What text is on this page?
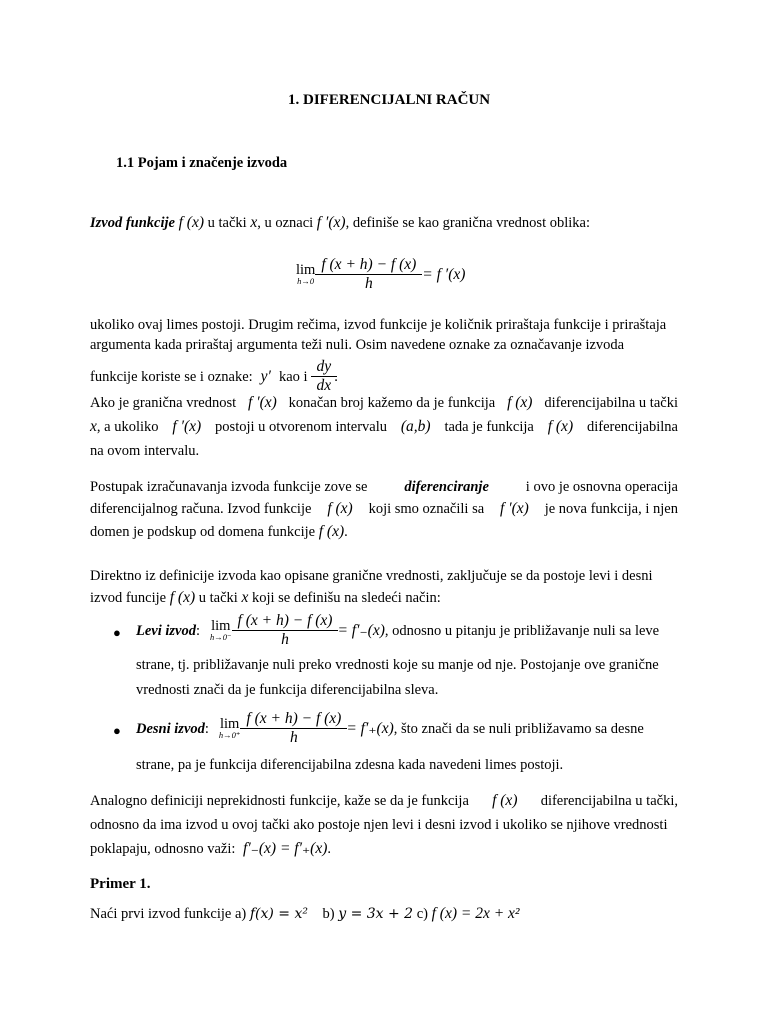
1. DIFERENCIJALNI RAČUN
1.1 Pojam i značenje izvoda
Izvod funkcije f (x) u tački x, u oznaci f ′(x), definiše se kao granična vrednost oblika:
lim
$h\to 0 \frac{f (x + h) - f (x)}{h} = f$ ′(x)
ukoliko ovaj limes postoji. Drugim rečima, izvod funkcije je količnik priraštaja funkcije i priraštaja
argumenta kada priraštaj argumenta teži nuli. Osim navedene oznake za označavanje izvoda
funkcije koriste se i oznake: y′ kao i $\frac{dy}{dx}$ .
Ako je granična vrednost f ′(x) konačan broj kažemo da je funkcija f (x) diferencijabilna u tački
x, a ukoliko f ′(x) postoji u otvorenom intervalu (a,b) tada je funkcija f (x) diferencijabilna
na ovom intervalu.
Postupak izračunavanja izvoda funkcije zove se	diferenciranje	i ovo je osnovna operacija
diferencijalnog računa. Izvod funkcije f (x) koji smo označili sa f ′(x) je nova funkcija, i njen
domen je podskup od domena funkcije f (x).
Direktno iz definicije izvoda kao opisane granične vrednosti, zaključuje se da postoje levi i desni
izvod funcije f (x) u tački x koji se definišu na sledeći način:
● Levi izvod : lim
$h\to 0^- \frac{f (x + h) - f (x)}{h} = f'_-(x)$ , odnosno u pitanju je približavanje nuli sa leve
strane, tj. približavanje nuli preko vrednosti koje su manje od nje. Postojanje ove granične
vrednosti znači da je funkcija diferencijabilna sleva.
● Desni izvod : lim
$h\to 0^+ \frac{f (x + h) - f (x)}{h} = f'_+(x)$ , što znači da se nuli približavamo sa desne
strane, pa je funkcija diferencijabilna zdesna kada navedeni limes postoji.
Analogno definiciji neprekidnosti funkcije, kaže se da je funkcija f (x) diferencijabilna u tački,
odnosno da ima izvod u ovoj tački ako postoje njen levi i desni izvod i ukoliko se njihove vrednosti
poklapaju, odnosno važi: f′₋(x) = f′₊(x).
Primer 1.
Naći prvi izvod funkcije a) f(x) = x² b) y = 3x + 2 c) f (x) = 2x + x²
